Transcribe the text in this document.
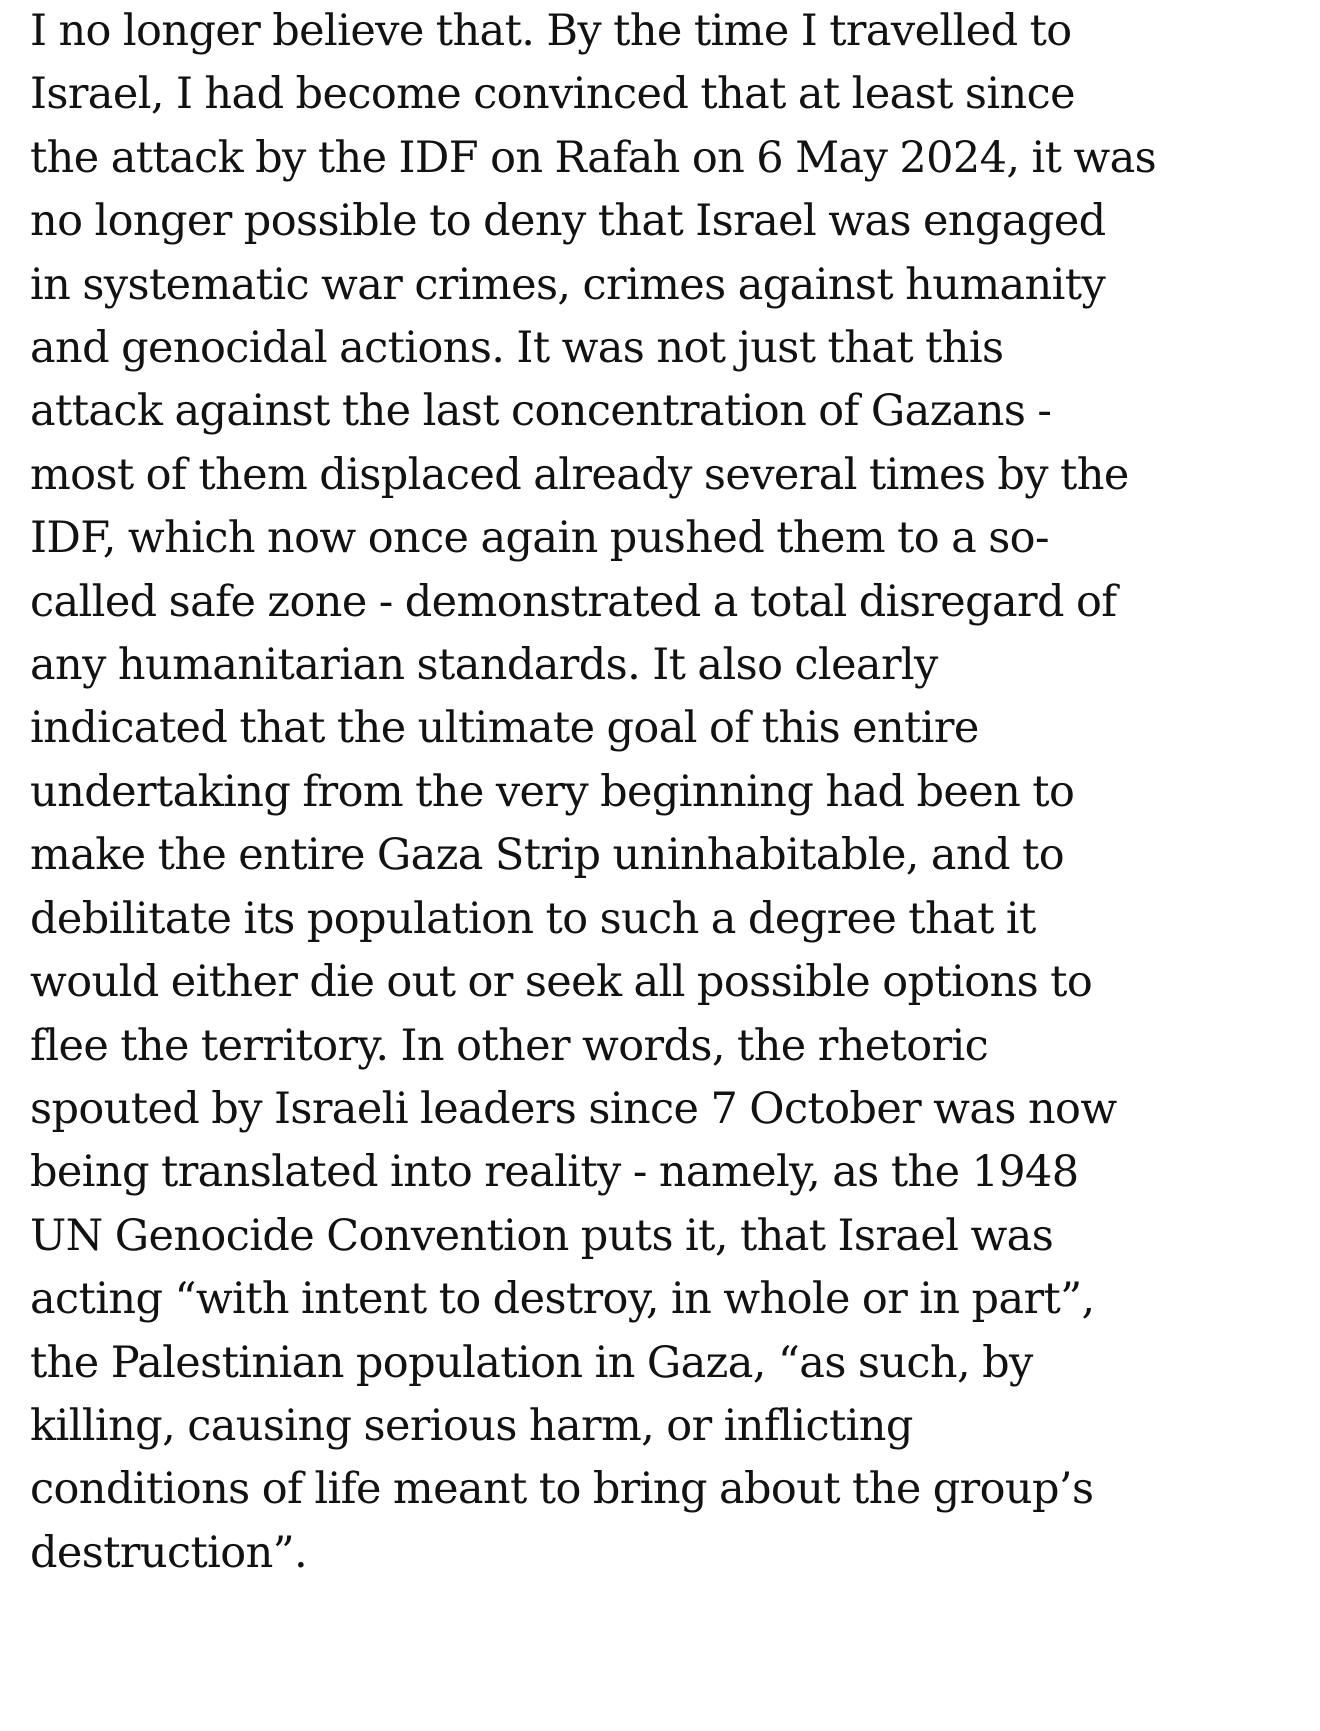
I no longer believe that. By the time I travelled to
Israel, I had become convinced that at least since
the attack by the IDF on Rafah on 6 May 2024, it was
no longer possible to deny that Israel was engaged
in systematic war crimes, crimes against humanity
and genocidal actions. It was not just that this
attack against the last concentration of Gazans -
most of them displaced already several times by the
IDF, which now once again pushed them to a so-
called safe zone - demonstrated a total disregard of
any humanitarian standards. It also clearly
indicated that the ultimate goal of this entire
undertaking from the very beginning had been to
make the entire Gaza Strip uninhabitable, and to
debilitate its population to such a degree that it
would either die out or seek all possible options to
flee the territory. In other words, the rhetoric
spouted by Israeli leaders since 7 October was now
being translated into reality - namely, as the 1948
UN Genocide Convention puts it, that Israel was
acting “with intent to destroy, in whole or in part”,
the Palestinian population in Gaza, “as such, by
killing, causing serious harm, or inflicting
conditions of life meant to bring about the group’s
destruction”.
